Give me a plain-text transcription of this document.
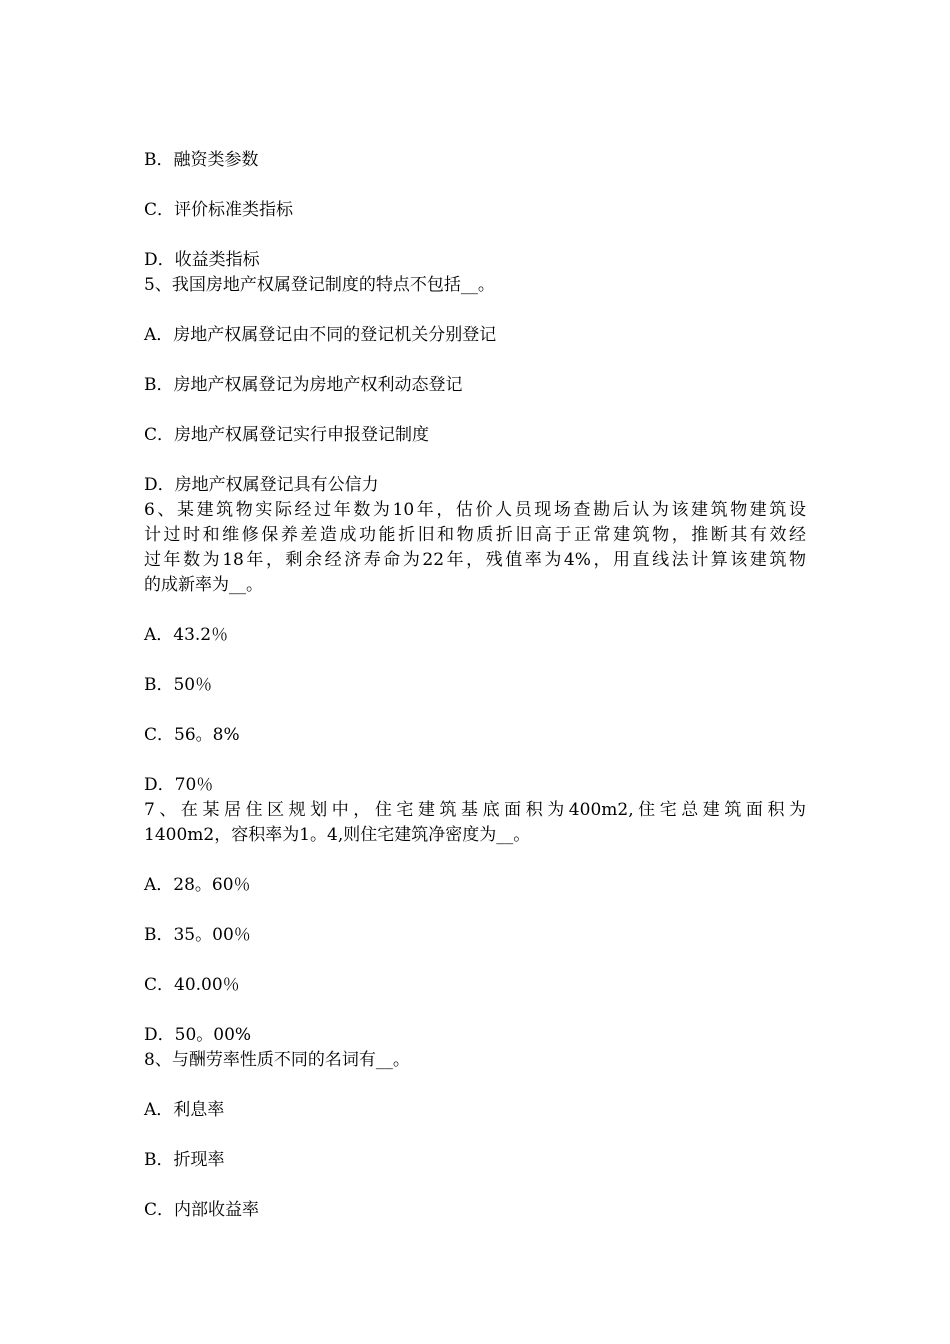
B．融资类参数
C．评价标准类指标
D．收益类指标
5、我国房地产权属登记制度的特点不包括__。
A．房地产权属登记由不同的登记机关分别登记
B．房地产权属登记为房地产权利动态登记
C．房地产权属登记实行申报登记制度
D．房地产权属登记具有公信力
6、某建筑物实际经过年数为10年，估价人员现场查勘后认为该建筑物建筑设
计过时和维修保养差造成功能折旧和物质折旧高于正常建筑物，推断其有效经
过年数为18年，剩余经济寿命为22年，残值率为4%，用直线法计算该建筑物
的成新率为__。
A．43.2％
B．50％
C．56。8%
D．70％
7、在某居住区规划中，住宅建筑基底面积为400m2,住宅总建筑面积为
1400m2，容积率为1。4,则住宅建筑净密度为__。
A．28。60％
B．35。00％
C．40.00％
D．50。00%
8、与酬劳率性质不同的名词有__。
A．利息率
B．折现率
C．内部收益率
